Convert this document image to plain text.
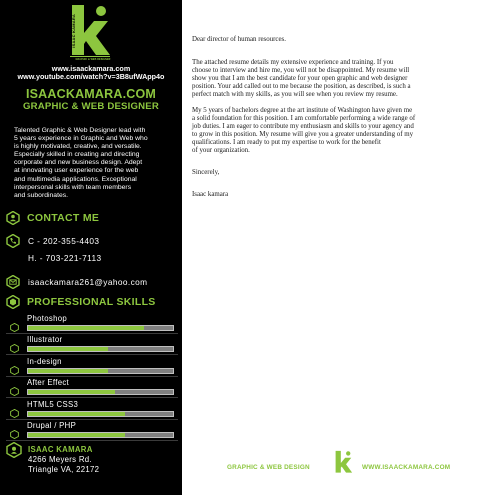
ISAAC KAMARA
GRAPHIC & WEB DESIGNER
www.isaackamara.com
www.youtube.com/watch?v=3B8ufWApp4o
ISAACKAMARA.COM
GRAPHIC & WEB DESIGNER

Talented Graphic & Web Designer lead with

5 years experience in Graphic and Web who

is highly motivated, creative, and versatile.

Especially skilled in creating and directing

corporate and new business design. Adept

at innovating user experience for the web

and multimedia applications. Exceptional

interpersonal skills with team members

and subordinates.

CONTACT ME
C - 202-355-4403
H. - 703-221-7113
isaackamara261@yahoo.com
PROFESSIONAL SKILLS
Photoshop
Illustrator
In-design
After Effect
HTML5 CSS3
Drupal / PHP
ISAAC KAMARA
4266 Meyers Rd.
Triangle VA, 22172

Dear director of human resources.

The attached resume details my extensive experience and training. If you
choose to interview and hire me, you will not be disappointed. My resume will
show you that I am the best candidate for your open graphic and web designer
position. Your add called out to me because the position, as described, is such a
perfect match with my skills, as you will see when you review my resume.

My 5 years of bachelors degree at the art institute of Washington have given me
a solid foundation for this position. I am comfortable performing a wide range of
job duties. I am eager to contribute my enthusiasm and skills to your agency and
to grow in this position. My resume will give you a greater understanding of my
qualifications. I am ready to put my expertise to work for the benefit
of your organization.

Sincerely,

Isaac kamara

GRAPHIC & WEB DESIGN	WWW.ISAACKAMARA.COM
